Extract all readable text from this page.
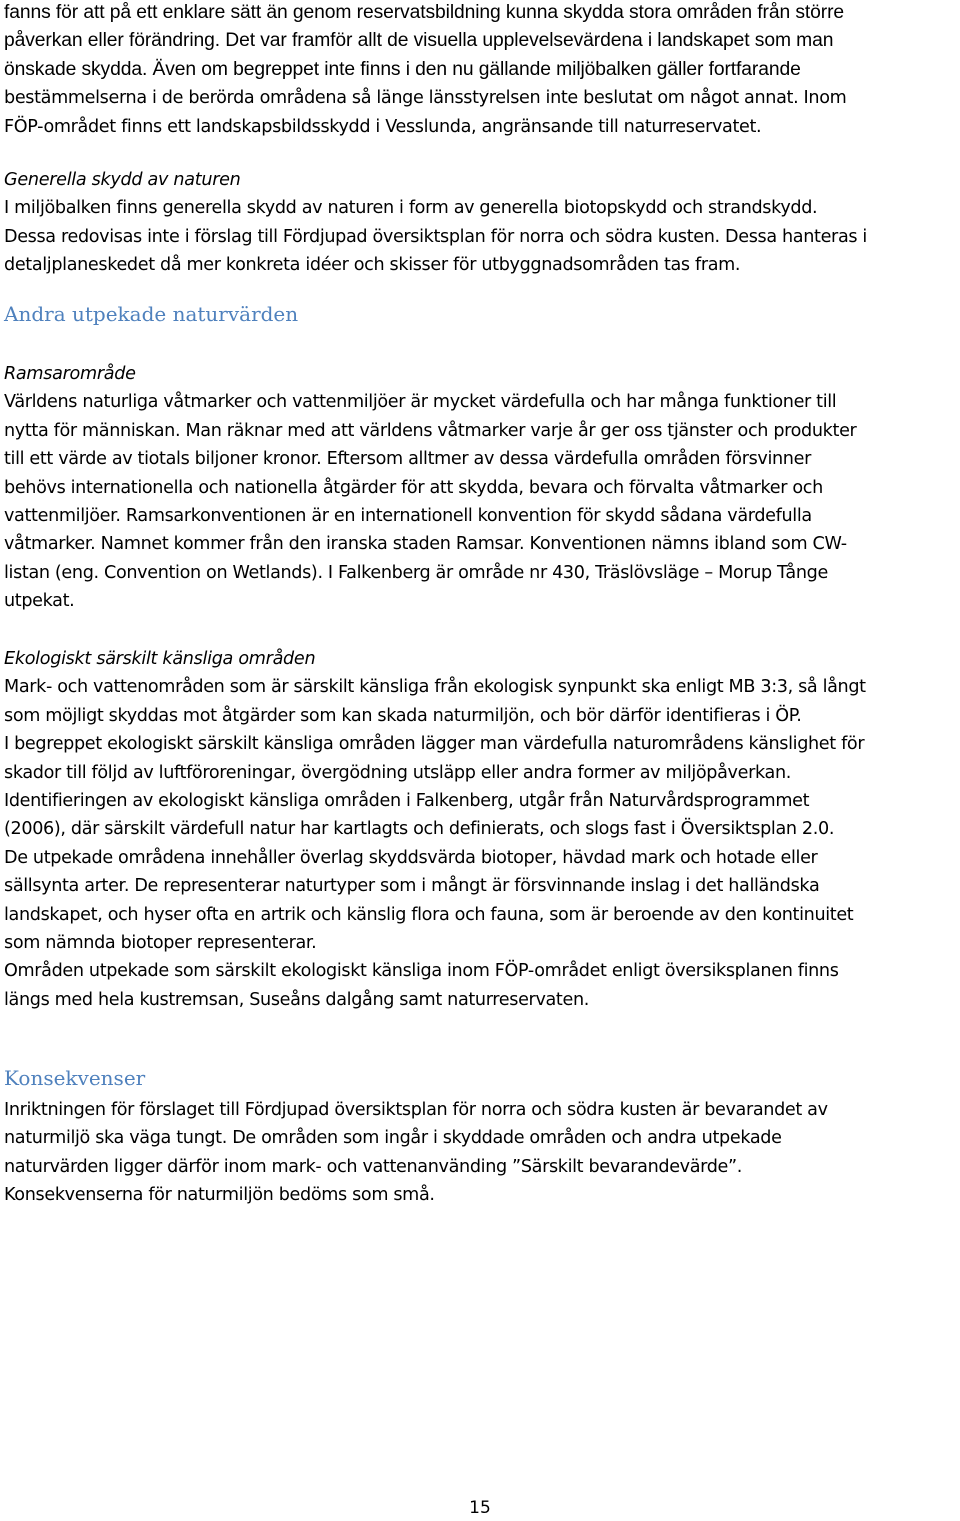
fanns för att på ett enklare sätt än genom reservatsbildning kunna skydda stora områden från större
påverkan eller förändring. Det var framför allt de visuella upplevelsevärdena i landskapet som man
önskade skydda. Även om begreppet inte finns i den nu gällande miljöbalken gäller fortfarande
bestämmelserna i de berörda områdena så länge länsstyrelsen inte beslutat om något annat. Inom
FÖP-området finns ett landskapsbildsskydd i Vesslunda, angränsande till naturreservatet.
Generella skydd av naturen
I miljöbalken finns generella skydd av naturen i form av generella biotopskydd och strandskydd.
Dessa redovisas inte i förslag till Fördjupad översiktsplan för norra och södra kusten. Dessa hanteras i
detaljplaneskedet då mer konkreta idéer och skisser för utbyggnadsområden tas fram.
Andra utpekade naturvärden
Ramsarområde
Världens naturliga våtmarker och vattenmiljöer är mycket värdefulla och har många funktioner till
nytta för människan. Man räknar med att världens våtmarker varje år ger oss tjänster och produkter
till ett värde av tiotals biljoner kronor. Eftersom alltmer av dessa värdefulla områden försvinner
behövs internationella och nationella åtgärder för att skydda, bevara och förvalta våtmarker och
vattenmiljöer. Ramsarkonventionen är en internationell konvention för skydd sådana värdefulla
våtmarker. Namnet kommer från den iranska staden Ramsar. Konventionen nämns ibland som CW-
listan (eng. Convention on Wetlands). I Falkenberg är område nr 430, Träslövsläge – Morup Tånge
utpekat.
Ekologiskt särskilt känsliga områden
Mark- och vattenområden som är särskilt känsliga från ekologisk synpunkt ska enligt MB 3:3, så långt
som möjligt skyddas mot åtgärder som kan skada naturmiljön, och bör därför identifieras i ÖP.
I begreppet ekologiskt särskilt känsliga områden lägger man värdefulla naturområdens känslighet för
skador till följd av luftföroreningar, övergödning utsläpp eller andra former av miljöpåverkan.
Identifieringen av ekologiskt känsliga områden i Falkenberg, utgår från Naturvårdsprogrammet
(2006), där särskilt värdefull natur har kartlagts och definierats, och slogs fast i Översiktsplan 2.0.
De utpekade områdena innehåller överlag skyddsvärda biotoper, hävdad mark och hotade eller
sällsynta arter. De representerar naturtyper som i mångt är försvinnande inslag i det halländska
landskapet, och hyser ofta en artrik och känslig flora och fauna, som är beroende av den kontinuitet
som nämnda biotoper representerar.
Områden utpekade som särskilt ekologiskt känsliga inom FÖP-området enligt översiksplanen finns
längs med hela kustremsan, Suseåns dalgång samt naturreservaten.
Konsekvenser
Inriktningen för förslaget till Fördjupad översiktsplan för norra och södra kusten är bevarandet av
naturmiljö ska väga tungt. De områden som ingår i skyddade områden och andra utpekade
naturvärden ligger därför inom mark- och vattenanvänding ”Särskilt bevarandevärde”.
Konsekvenserna för naturmiljön bedöms som små.
15
